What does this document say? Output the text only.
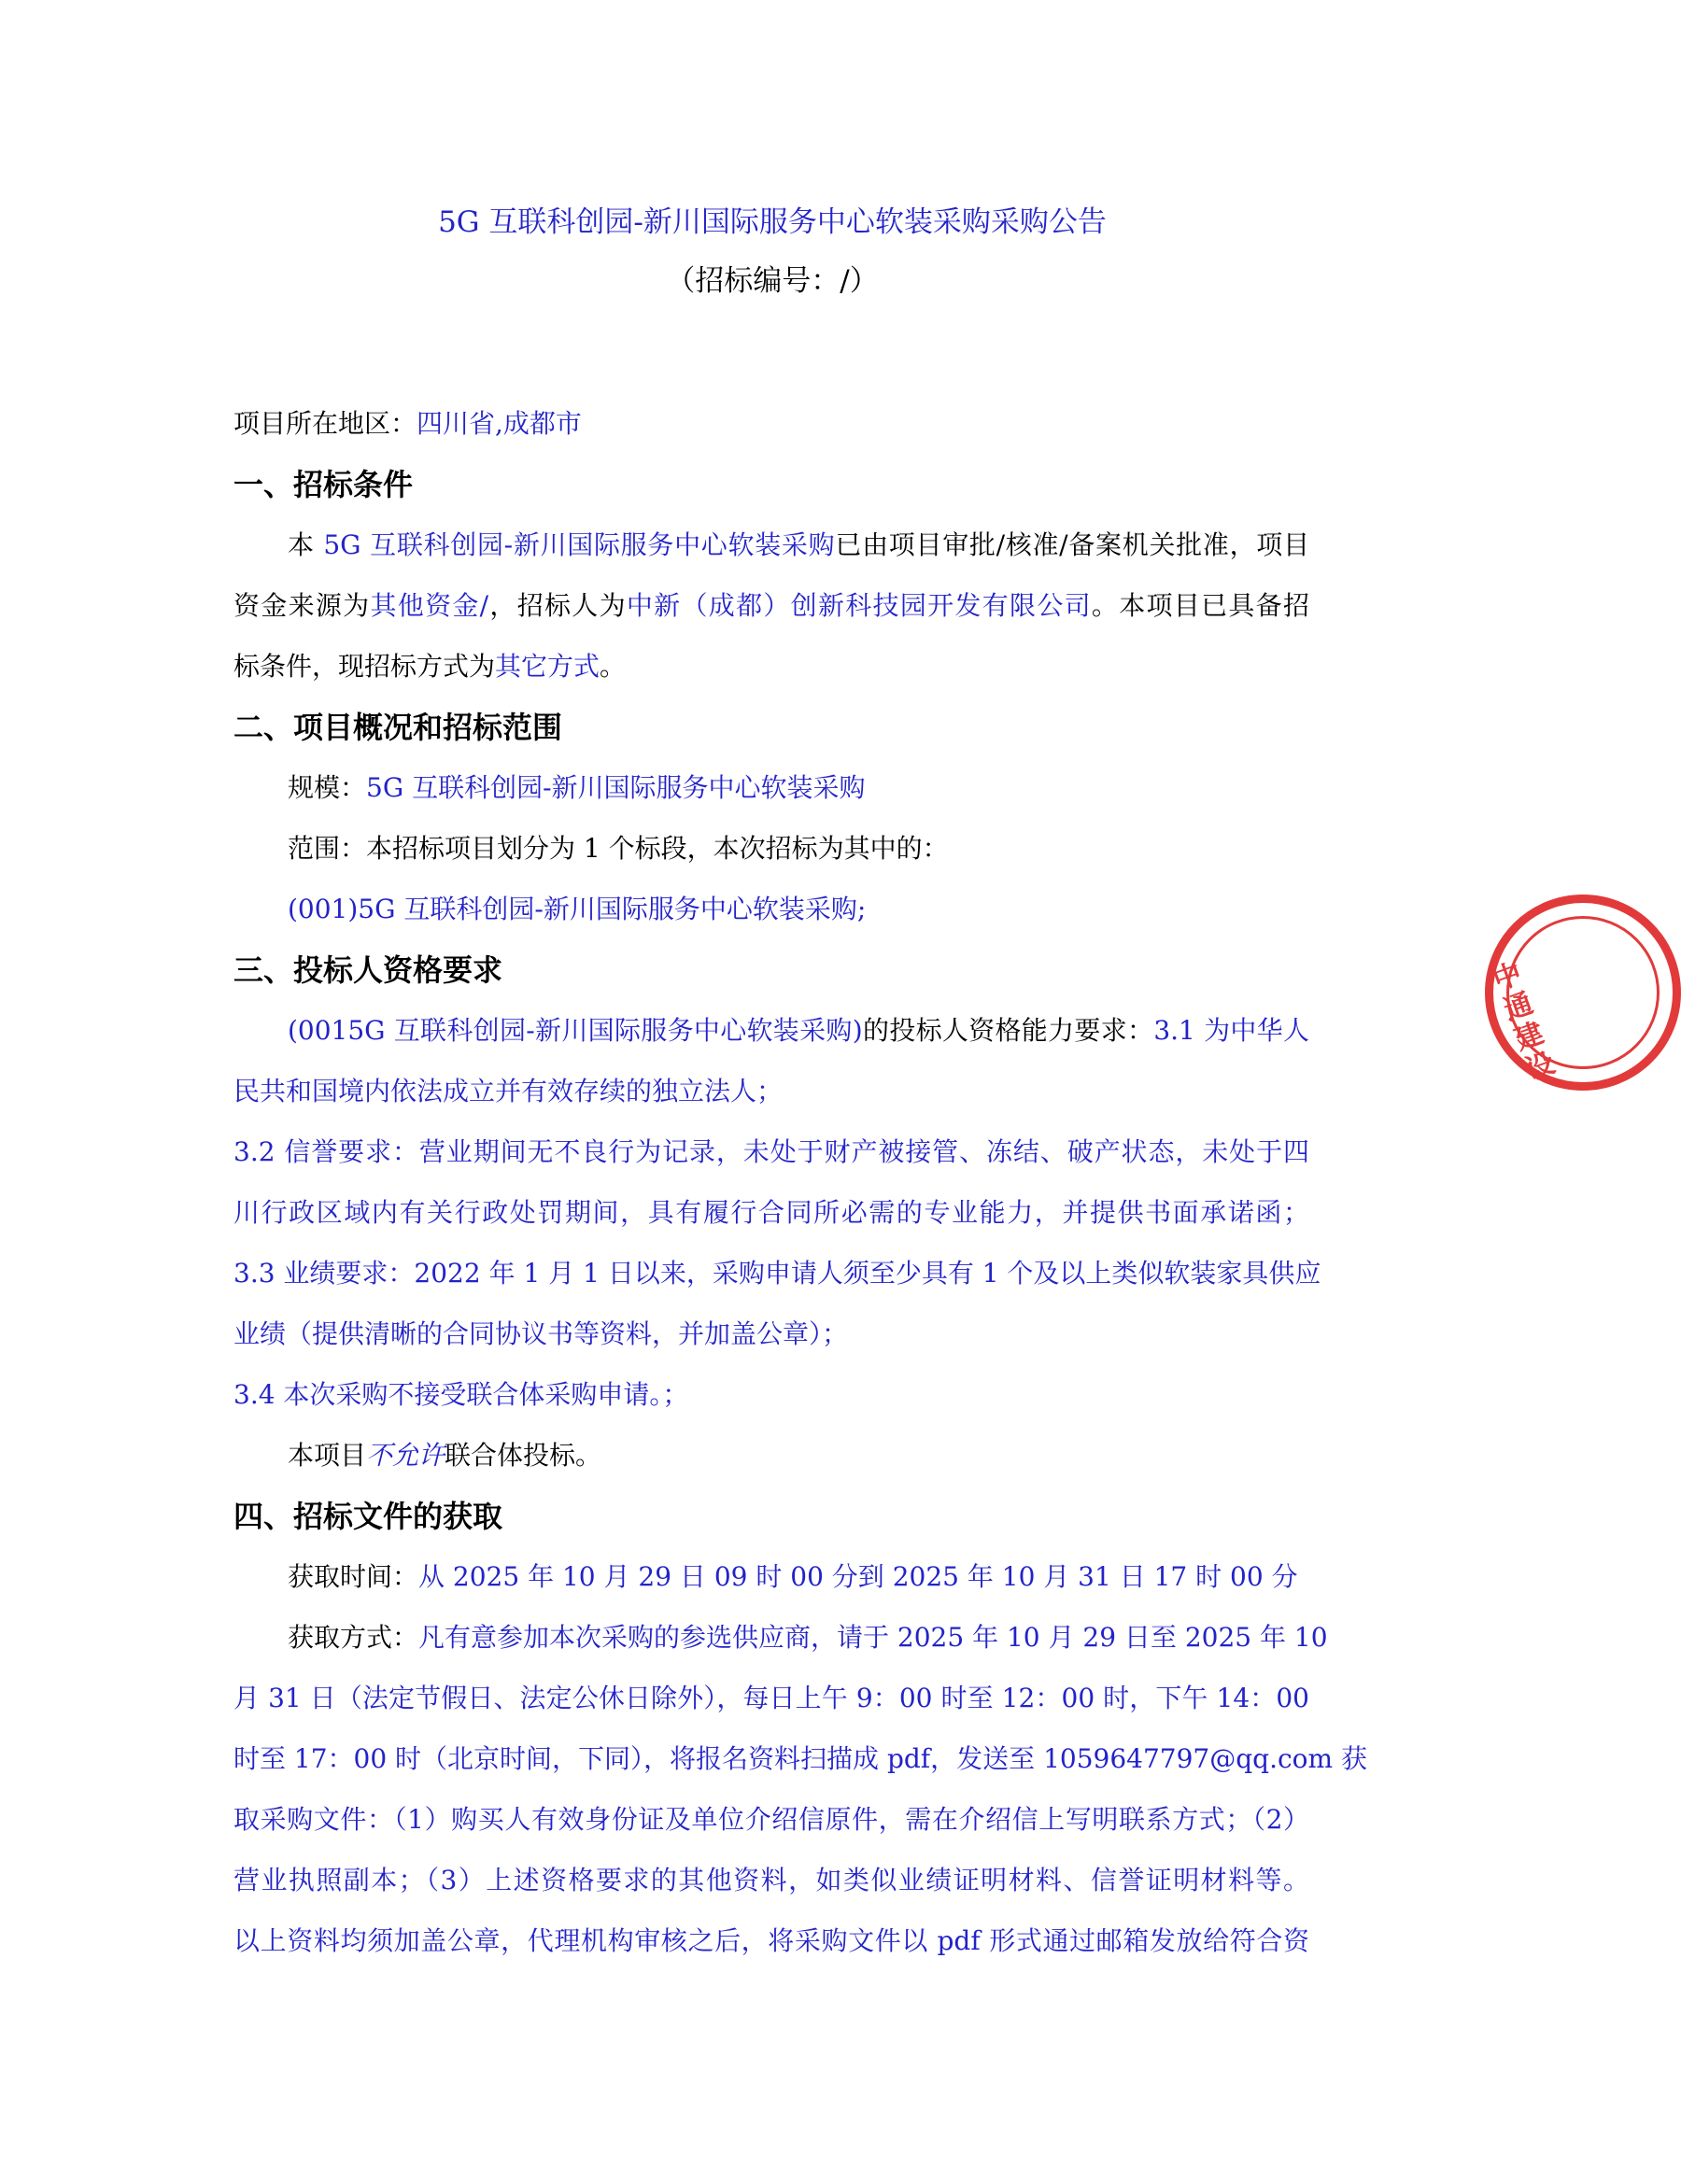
5G 互联科创园-新川国际服务中心软装采购采购公告
（招标编号：/）
项目所在地区：四川省,成都市
一、招标条件
本 5G 互联科创园-新川国际服务中心软装采购已由项目审批/核准/备案机关批准，项目
资金来源为其他资金/，招标人为中新（成都）创新科技园开发有限公司。本项目已具备招
标条件，现招标方式为其它方式。
二、项目概况和招标范围
规模：5G 互联科创园-新川国际服务中心软装采购
范围：本招标项目划分为 1 个标段，本次招标为其中的：
(001)5G 互联科创园-新川国际服务中心软装采购;
三、投标人资格要求
(0015G 互联科创园-新川国际服务中心软装采购)的投标人资格能力要求：3.1 为中华人
民共和国境内依法成立并有效存续的独立法人；
3.2 信誉要求：营业期间无不良行为记录，未处于财产被接管、冻结、破产状态，未处于四
川行政区域内有关行政处罚期间，具有履行合同所必需的专业能力，并提供书面承诺函；
3.3 业绩要求：2022 年 1 月 1 日以来，采购申请人须至少具有 1 个及以上类似软装家具供应
业绩（提供清晰的合同协议书等资料，并加盖公章）；
3.4 本次采购不接受联合体采购申请。；
本项目不允许联合体投标。
四、招标文件的获取
获取时间：从 2025 年 10 月 29 日 09 时 00 分到 2025 年 10 月 31 日 17 时 00 分
获取方式：凡有意参加本次采购的参选供应商，请于 2025 年 10 月 29 日至 2025 年 10
月 31 日（法定节假日、法定公休日除外），每日上午 9：00 时至 12：00 时，下午 14：00
时至 17：00 时（北京时间，下同），将报名资料扫描成 pdf，发送至 1059647797@qq.com 获
取采购文件：（1）购买人有效身份证及单位介绍信原件，需在介绍信上写明联系方式；（2）
营业执照副本；（3）上述资格要求的其他资料，如类似业绩证明材料、信誉证明材料等。
以上资料均须加盖公章，代理机构审核之后，将采购文件以 pdf 形式通过邮箱发放给符合资
中
通
建
设
